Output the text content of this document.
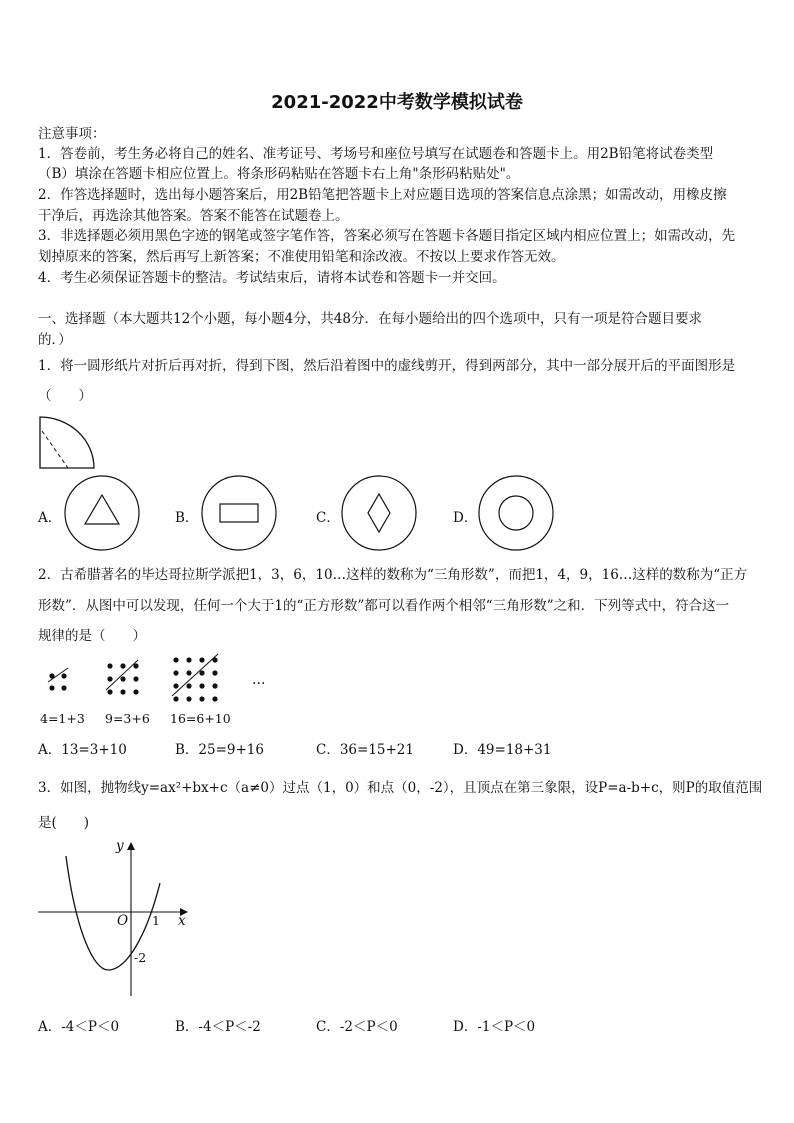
2021-2022中考数学模拟试卷
注意事项：
1．答卷前，考生务必将自己的姓名、准考证号、考场号和座位号填写在试题卷和答题卡上。用2B铅笔将试卷类型
（B）填涂在答题卡相应位置上。将条形码粘贴在答题卡右上角"条形码粘贴处"。
2．作答选择题时，选出每小题答案后，用2B铅笔把答题卡上对应题目选项的答案信息点涂黑；如需改动，用橡皮擦
干净后，再选涂其他答案。答案不能答在试题卷上。
3．非选择题必须用黑色字迹的钢笔或签字笔作答，答案必须写在答题卡各题目指定区域内相应位置上；如需改动，先
划掉原来的答案，然后再写上新答案；不准使用铅笔和涂改液。不按以上要求作答无效。
4．考生必须保证答题卡的整洁。考试结束后，请将本试卷和答题卡一并交回。
一、选择题（本大题共12个小题，每小题4分，共48分．在每小题给出的四个选项中，只有一项是符合题目要求
的．）
1．将一圆形纸片对折后再对折，得到下图，然后沿着图中的虚线剪开，得到两部分，其中一部分展开后的平面图形是
（　　）
A．	B．	C．	D．
2．古希腊著名的毕达哥拉斯学派把1，3，6，10…这样的数称为“三角形数”，而把1，4，9，16…这样的数称为“正方
形数”．从图中可以发现，任何一个大于1的“正方形数”都可以看作两个相邻“三角形数”之和．下列等式中，符合这一
规律的是（　　）
…
4=1+3 9=3+6 16=6+10
A．13=3+10	B．25=9+16	C．36=15+21	D．49=18+31
3．如图，抛物线y=ax²+bx+c（a≠0）过点（1，0）和点（0，-2），且顶点在第三象限，设P=a-b+c，则P的取值范围
是(　　)
y
x
O 1
-2
A．-4＜P＜0	B．-4＜P＜-2	C．-2＜P＜0	D．-1＜P＜0
